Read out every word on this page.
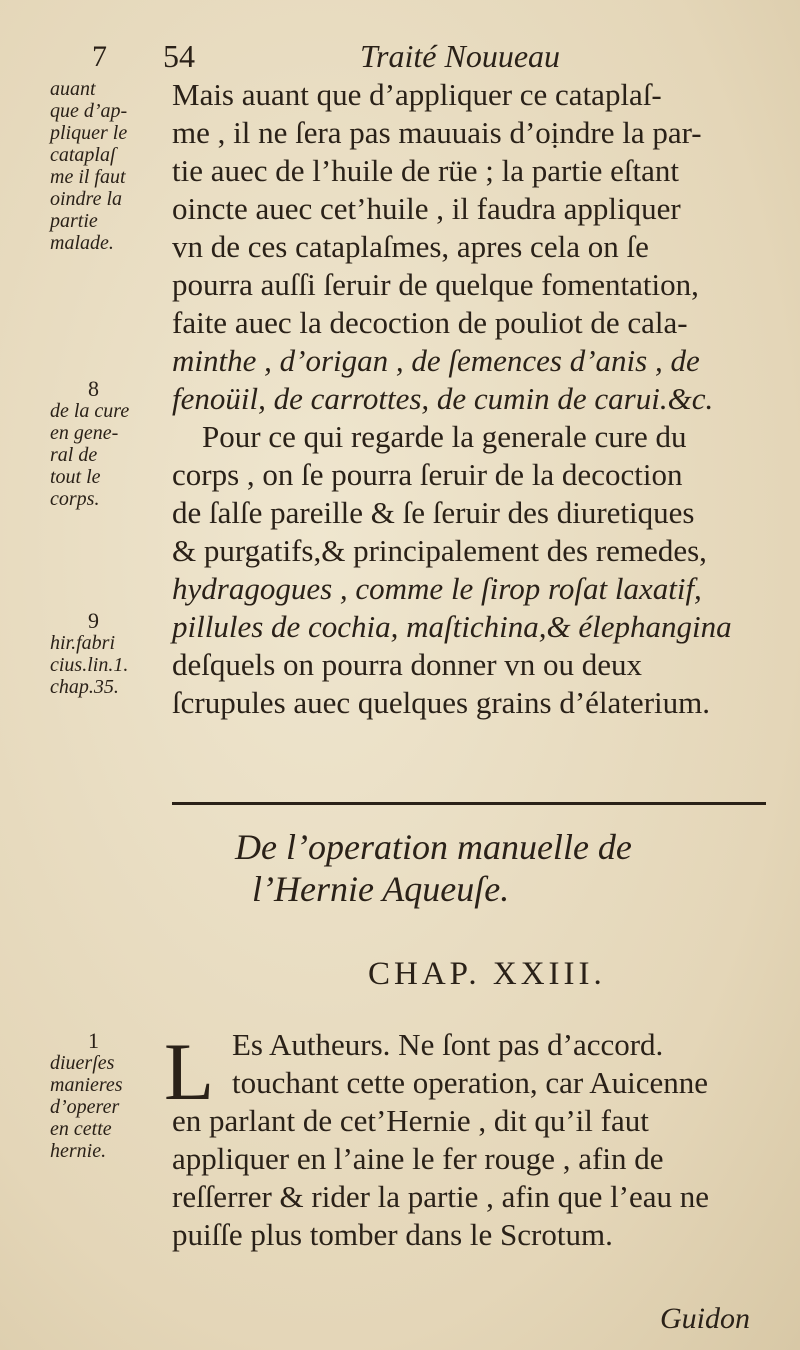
7 54	Traité Nouueau
Mais auant que d’appliquer ce cataplaſ-
me , il ne ſera pas mauuais d’oịndre la par-
tie auec de l’huile de rüe ; la partie eſtant
oincte auec cet’huile , il faudra appliquer
vn de ces cataplaſmes, apres cela on ſe
pourra auſſi ſeruir de quelque fomentation,
faite auec la decoction de pouliot de cala-
minthe , d’origan , de ſemences d’anis , de
fenoüil, de carrottes, de cumin de carui.&c.
Pour ce qui regarde la generale cure du
corps , on ſe pourra ſeruir de la decoction
de ſalſe pareille & ſe ſeruir des diuretiques
& purgatifs,& principalement des remedes,
hydragogues , comme le ſirop roſat laxatif,
pillules de cochia, maſtichina,& élephangina
deſquels on pourra donner vn ou deux
ſcrupules auec quelques grains d’élaterium.
auant
que d’ap-
pliquer le
cataplaſ
me il faut
oindre la
partie
malade.
8
de la cure
en gene-
ral de
tout le
corps.
9
hir.fabri
cius.lin.1.
chap.35.
De l’operation manuelle de
l’Hernie Aqueuſe.
CHAP. XXIII.
1
diuerſes
manieres
d’operer
en cette
hernie.
L Es Autheurs. Ne ſont pas d’accord.
touchant cette operation, car Auicenne
en parlant de cet’Hernie , dit qu’il faut
appliquer en l’aine le fer rouge , afin de
reſſerrer & rider la partie , afin que l’eau ne
puiſſe plus tomber dans le Scrotum.
Guidon
